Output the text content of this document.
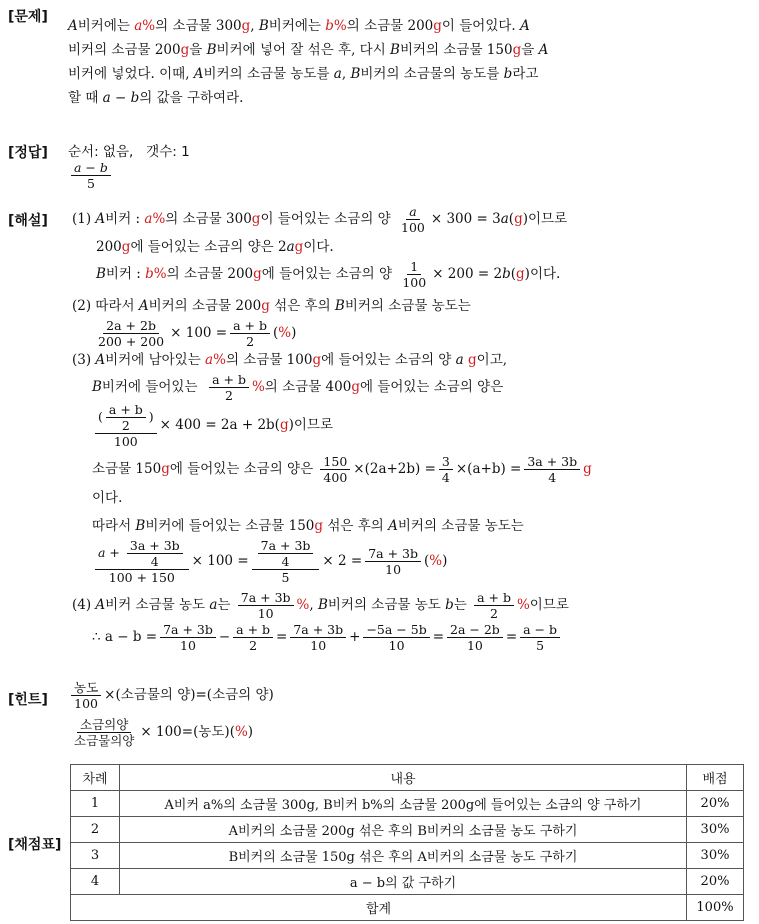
[문제]
A비커에는 a%의 소금물 300g, B비커에는 b%의 소금물 200g이 들어있다. A
비커의 소금물 200g을 B비커에 넣어 잘 섞은 후, 다시 B비커의 소금물 150g을 A
비커에 넣었다. 이때, A비커의 소금물 농도를 a, B비커의 소금물의 농도를 b라고
할 때 a − b의 값을 구하여라.
[정답] 순서: 없음, 갯수: 1
$\frac{a - b}{5}$
[해설] (1) A비커 : a%의 소금물 300g이 들어있는 소금의 양 $\frac{a}{100} \times 300 = 3a(g)$이므로
200g에 들어있는 소금의 양은 2ag이다.
B비커 : b%의 소금물 200g에 들어있는 소금의 양 $\frac{1}{100} \times 200 = 2b(g)$이다.
(2) 따라서 A비커의 소금물 200g 섞은 후의 B비커의 소금물 농도는
$\frac{2a + 2b}{200 + 200} \times 100 = \frac{a + b}{2}$ (%)
(3) A비커에 남아있는 a%의 소금물 100g에 들어있는 소금의 양 a g이고,
B비커에 들어있는 $\frac{a + b}{2}$ %의 소금물 400g에 들어있는 소금의 양은
$\frac{( \frac{a + b}{2} )}{100} \times 400 = 2a + 2b(g)$이므로
소금물 150g에 들어있는 소금의 양은 $\frac{150}{400} \times(2a+2b) = \frac{3}{4} \times(a+b) = \frac{3a + 3b}{4}$ g
이다.
따라서 B비커에 들어있는 소금물 150g 섞은 후의 A비커의 소금물 농도는
$\frac{a + \frac{3a + 3b}{4}}{100 + 150} \times 100 = \frac{\frac{7a + 3b}{4}}{5} \times 2 = \frac{7a + 3b}{10}$ (%)
(4) A비커 소금물 농도 a는 $\frac{7a + 3b}{10}$ %, B비커의 소금물 농도 b는 $\frac{a + b}{2}$ %이므로
∴ $a - b = \frac{7a + 3b}{10} - \frac{a + b}{2} = \frac{7a + 3b}{10} + \frac{-5a - 5b}{10} = \frac{2a - 2b}{10} = \frac{a - b}{5}$
[힌트] $\frac{\text{농도}}{100}$ ×(소금물의 양)=(소금의 양)
$\frac{\text{소금의양}}{\text{소금물의양}} \times 100=$(농도)(%)
[채점표]
차례	내용	배점
1	A비커 a%의 소금물 300g, B비커 b%의 소금물 200g에 들어있는 소금의 양 구하기	20%
2	A비커의 소금물 200g 섞은 후의 B비커의 소금물 농도 구하기	30%
3	B비커의 소금물 150g 섞은 후의 A비커의 소금물 농도 구하기	30%
4	a − b의 값 구하기	20%
합계		100%
